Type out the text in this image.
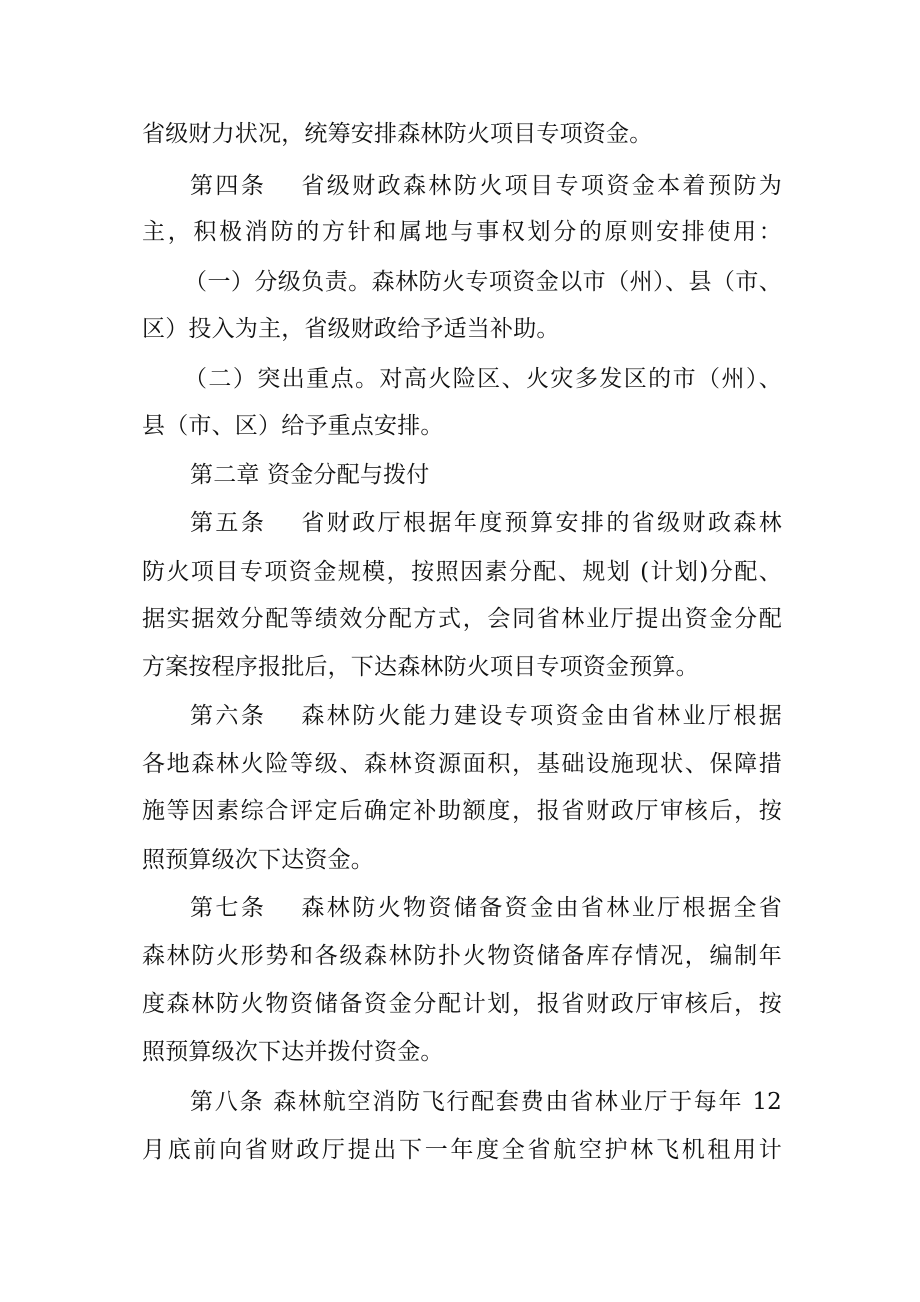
省级财力状况，统筹安排森林防火项目专项资金。
第四条　 省级财政森林防火项目专项资金本着预防为
主，积极消防的方针和属地与事权划分的原则安排使用：
（一）分级负责。森林防火专项资金以市（州）、县（市、
区）投入为主，省级财政给予适当补助。
（二）突出重点。对高火险区、火灾多发区的市（州）、
县（市、区）给予重点安排。
第二章 资金分配与拨付
第五条　 省财政厅根据年度预算安排的省级财政森林
防火项目专项资金规模，按照因素分配、规划 (计划)分配、
据实据效分配等绩效分配方式，会同省林业厅提出资金分配
方案按程序报批后，下达森林防火项目专项资金预算。
第六条　 森林防火能力建设专项资金由省林业厅根据
各地森林火险等级、森林资源面积，基础设施现状、保障措
施等因素综合评定后确定补助额度，报省财政厅审核后，按
照预算级次下达资金。
第七条　 森林防火物资储备资金由省林业厅根据全省
森林防火形势和各级森林防扑火物资储备库存情况，编制年
度森林防火物资储备资金分配计划，报省财政厅审核后，按
照预算级次下达并拨付资金。
第八条 森林航空消防飞行配套费由省林业厅于每年 12
月底前向省财政厅提出下一年度全省航空护林飞机租用计
